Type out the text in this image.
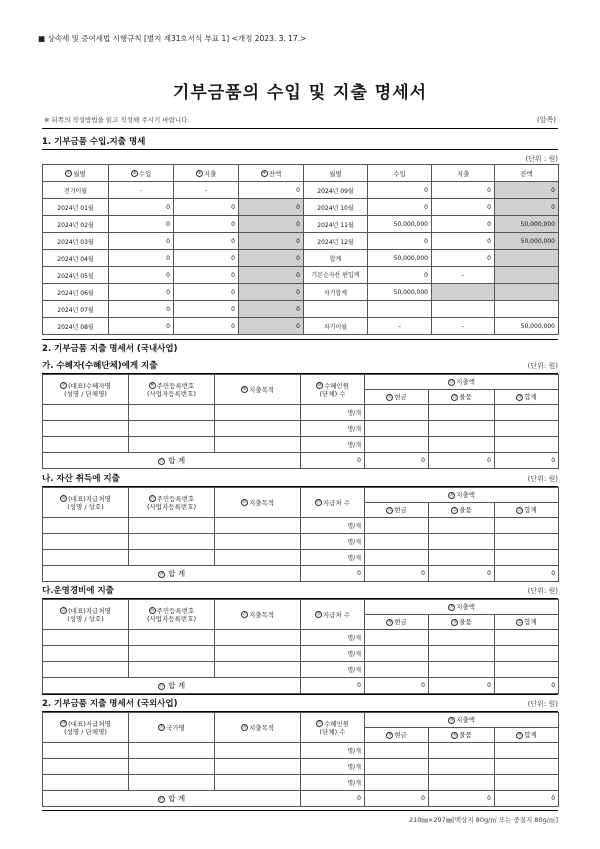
■ 상속세 및 증여세법 시행규칙 [별지 제31호서식 부표 1] <개정 2023. 3. 17.>
기부금품의 수입 및 지출 명세서
※ 뒤쪽의 작성방법을 읽고 작성해 주시기 바랍니다.	(앞쪽)
1. 기부금품 수입.지출 명세
(단위 : 원)
① 월별	② 수입	③ 지출	④ 잔액	월별	수입	지출	잔액
전기이월	-	-	0	2024년 09월	0	0	0
2024년 01월	0	0	0	2024년 10월	0	0	0
2024년 02월	0	0	0	2024년 11월	50,000,000	0	50,000,000
2024년 03월	0	0	0	2024년 12월	0	0	50,000,000
2024년 04월	0	0	0	합계	50,000,000	0	
2024년 05월	0	0	0	기본순자산 편입액	0	–	
2024년 06월	0	0	0	차기합계	50,000,000		
2024년 07월	0	0	0				
2024년 08월	0	0	0	차기이월	–	–	50,000,000
2. 기부금품 지출 명세서 (국내사업)
가. 수혜자(수혜단체)에게 지출	(단위: 원)
⑦ (대표)수혜자명
(성명 / 단체명)	⑧ 주민등록번호
(사업자등록번호)	⑨ 지출목적	⑩ 수혜인원
(단체) 수	⑪ 지출액		
				⑫ 현금	⑬ 물품	⑭ 합계
			명/개			
			명/개			
			명/개			
⑮ 합 계			0	0	0	0
나. 자산 취득에 지출	(단위: 원)
⑯ (대표)지급처명
(성명 / 상호)	⑰ 주민등록번호
(사업자등록번호)	⑱ 지출목적	⑲ 지급처 수	⑳ 지출액		
				㉑ 현금	㉒ 물품	㉓ 합계
			명/개			
			명/개			
			명/개			
㉔ 합 계			0	0	0	0
다.운영경비에 지출	(단위: 원)
㉕ (대표)지급처명
(성명 / 상호)	㉖ 주민등록번호
(사업자등록번호)	㉗ 지출목적	㉘ 지급처 수	㉙ 지출액		
				㉚ 현금	㉛ 물품	㉜ 합계
			명/개			
			명/개			
			명/개			
㉝ 합 계			0	0	0	0
2. 기부금품 지출 명세서 (국외사업)	(단위: 원)
㉞ (대표)지급처명
(성명 / 단체명)	㉟ 국가명	㊱ 지출목적	㊲ 수혜인원
(단체) 수	㊳ 지출액		
				㊴ 현금	㊵ 물품	㊶ 합계
			명/개			
			명/개			
			명/개			
㊷ 합 계			0	0	0	0
210㎜×297㎜[백상지 80g/㎡ 또는 중질지 80g/㎡]
